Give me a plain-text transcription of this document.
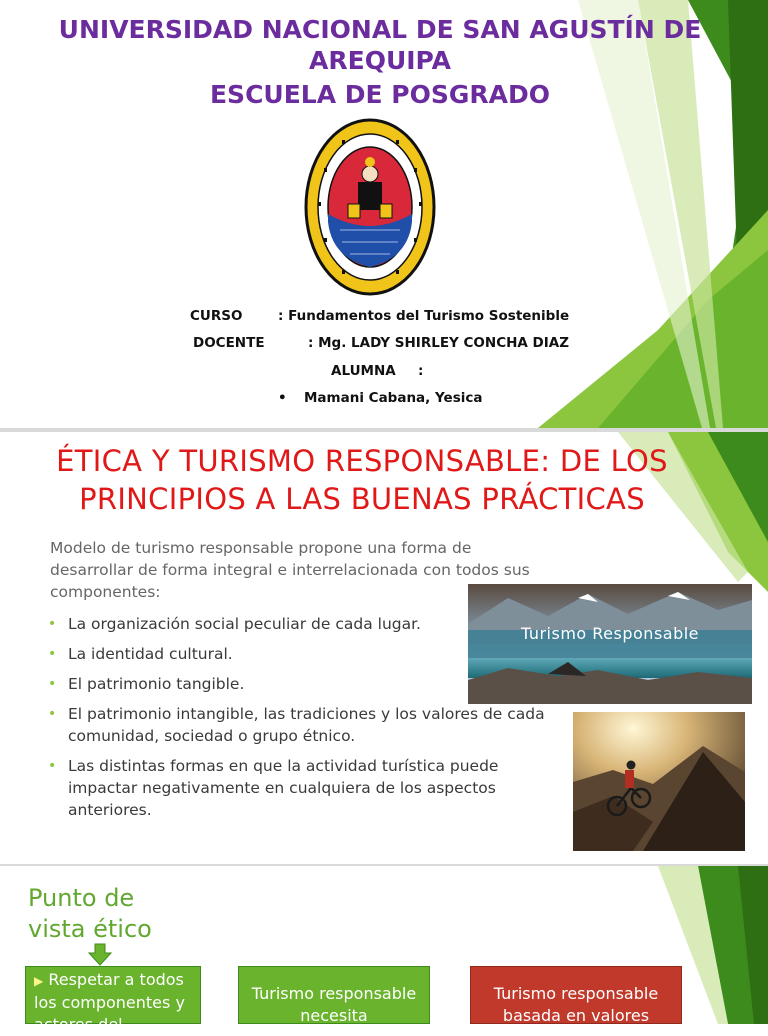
UNIVERSIDAD NACIONAL DE SAN AGUSTÍN DE
AREQUIPA
ESCUELA DE POSGRADO
CURSO	: Fundamentos del Turismo Sostenible
DOCENTE	: Mg. LADY SHIRLEY CONCHA DIAZ
ALUMNA :
• Mamani Cabana, Yesica
ÉTICA Y TURISMO RESPONSABLE: DE LOS
PRINCIPIOS A LAS BUENAS PRÁCTICAS
Modelo de turismo responsable propone una forma de desarrollar de forma integral e interrelacionada con todos sus componentes:
• La organización social peculiar de cada lugar.
• La identidad cultural.
• El patrimonio tangible.
• El patrimonio intangible, las tradiciones y los valores de cada comunidad, sociedad o grupo étnico.
• Las distintas formas en que la actividad turística puede impactar negativamente en cualquiera de los aspectos anteriores.
Turismo Responsable
Punto de vista ético
▶ Respetar a todos los componentes y actores del
Turismo responsable necesita
Turismo responsable basada en valores
